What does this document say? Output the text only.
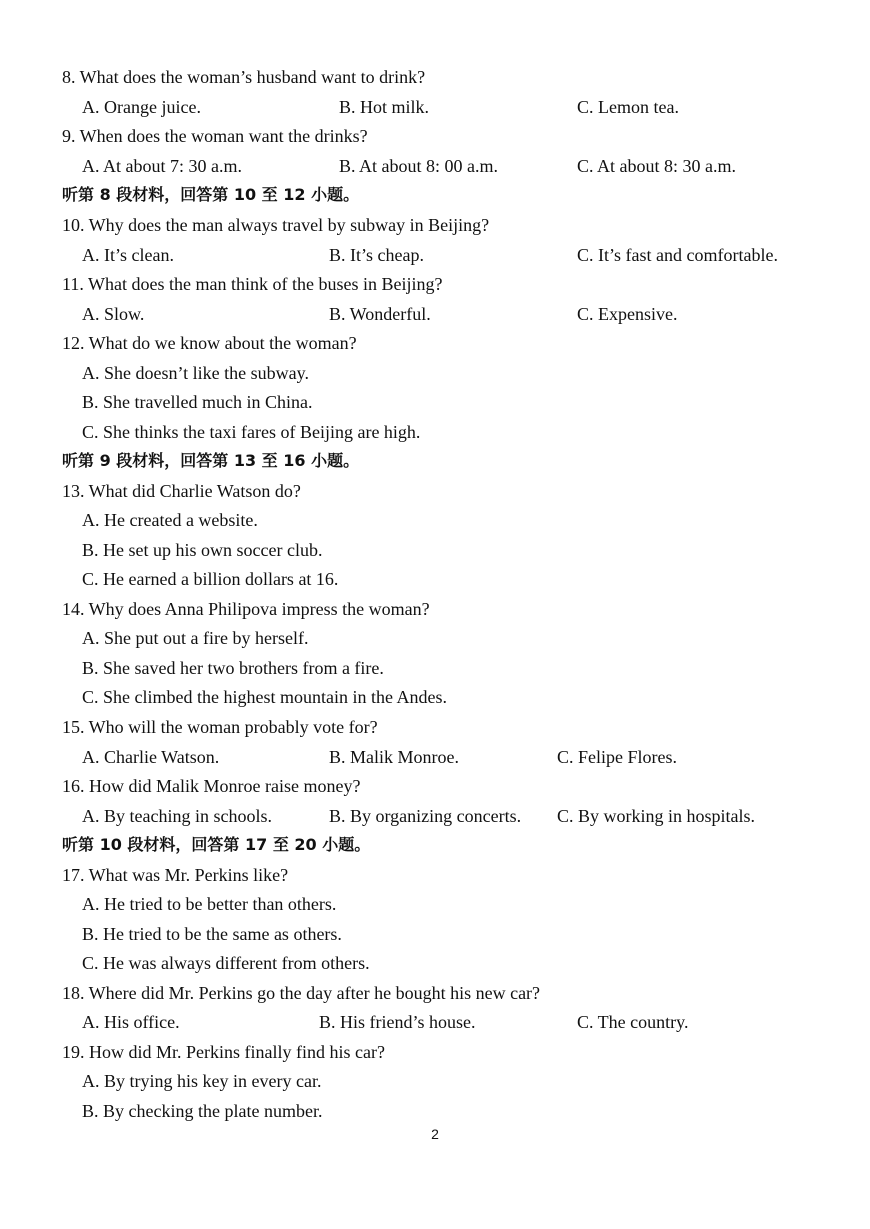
8. What does the woman’s husband want to drink?
A. Orange juice.	B. Hot milk.	C. Lemon tea.
9. When does the woman want the drinks?
A. At about 7: 30 a.m.	B. At about 8: 00 a.m.	C. At about 8: 30 a.m.
听第 8 段材料，回答第 10 至 12 小题。
10. Why does the man always travel by subway in Beijing?
A. It’s clean.	B. It’s cheap.	C. It’s fast and comfortable.
11. What does the man think of the buses in Beijing?
A. Slow.	B. Wonderful.	C. Expensive.
12. What do we know about the woman?
A. She doesn’t like the subway.
B. She travelled much in China.
C. She thinks the taxi fares of Beijing are high.
听第 9 段材料，回答第 13 至 16 小题。
13. What did Charlie Watson do?
A. He created a website.
B. He set up his own soccer club.
C. He earned a billion dollars at 16.
14. Why does Anna Philipova impress the woman?
A. She put out a fire by herself.
B. She saved her two brothers from a fire.
C. She climbed the highest mountain in the Andes.
15. Who will the woman probably vote for?
A. Charlie Watson.	B. Malik Monroe.	C. Felipe Flores.
16. How did Malik Monroe raise money?
A. By teaching in schools.	B. By organizing concerts. C. By working in hospitals.
听第 10 段材料，回答第 17 至 20 小题。
17. What was Mr. Perkins like?
A. He tried to be better than others.
B. He tried to be the same as others.
C. He was always different from others.
18. Where did Mr. Perkins go the day after he bought his new car?
A. His office.	B. His friend’s house.	C. The country.
19. How did Mr. Perkins finally find his car?
A. By trying his key in every car.
B. By checking the plate number.
2
